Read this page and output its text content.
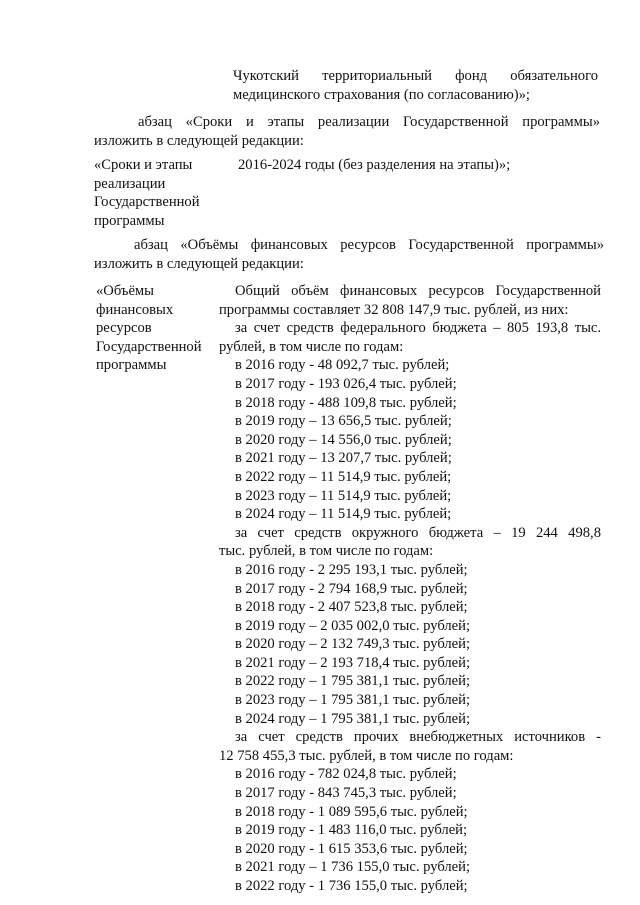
Чукотский территориальный фонд обязательного
медицинского страхования (по согласованию)»;
абзац «Сроки и этапы реализации Государственной программы»
изложить в следующей редакции:
«Сроки и этапы
реализации
Государственной
программы
2016-2024 годы (без разделения на этапы)»;
абзац «Объёмы финансовых ресурсов Государственной программы»
изложить в следующей редакции:
«Объёмы
финансовых
ресурсов
Государственной
программы
Общий объём финансовых ресурсов Государственной
программы составляет 32 808 147,9 тыс. рублей, из них:
за счет средств федерального бюджета – 805 193,8 тыс.
рублей, в том числе по годам:
в 2016 году - 48 092,7 тыс. рублей;
в 2017 году - 193 026,4 тыс. рублей;
в 2018 году - 488 109,8 тыс. рублей;
в 2019 году – 13 656,5 тыс. рублей;
в 2020 году – 14 556,0 тыс. рублей;
в 2021 году – 13 207,7 тыс. рублей;
в 2022 году – 11 514,9 тыс. рублей;
в 2023 году – 11 514,9 тыс. рублей;
в 2024 году – 11 514,9 тыс. рублей;
за счет средств окружного бюджета – 19 244 498,8
тыс. рублей, в том числе по годам:
в 2016 году - 2 295 193,1 тыс. рублей;
в 2017 году - 2 794 168,9 тыс. рублей;
в 2018 году - 2 407 523,8 тыс. рублей;
в 2019 году – 2 035 002,0 тыс. рублей;
в 2020 году – 2 132 749,3 тыс. рублей;
в 2021 году – 2 193 718,4 тыс. рублей;
в 2022 году – 1 795 381,1 тыс. рублей;
в 2023 году – 1 795 381,1 тыс. рублей;
в 2024 году – 1 795 381,1 тыс. рублей;
за счет средств прочих внебюджетных источников -
12 758 455,3 тыс. рублей, в том числе по годам:
в 2016 году - 782 024,8 тыс. рублей;
в 2017 году - 843 745,3 тыс. рублей;
в 2018 году - 1 089 595,6 тыс. рублей;
в 2019 году - 1 483 116,0 тыс. рублей;
в 2020 году - 1 615 353,6 тыс. рублей;
в 2021 году – 1 736 155,0 тыс. рублей;
в 2022 году - 1 736 155,0 тыс. рублей;
